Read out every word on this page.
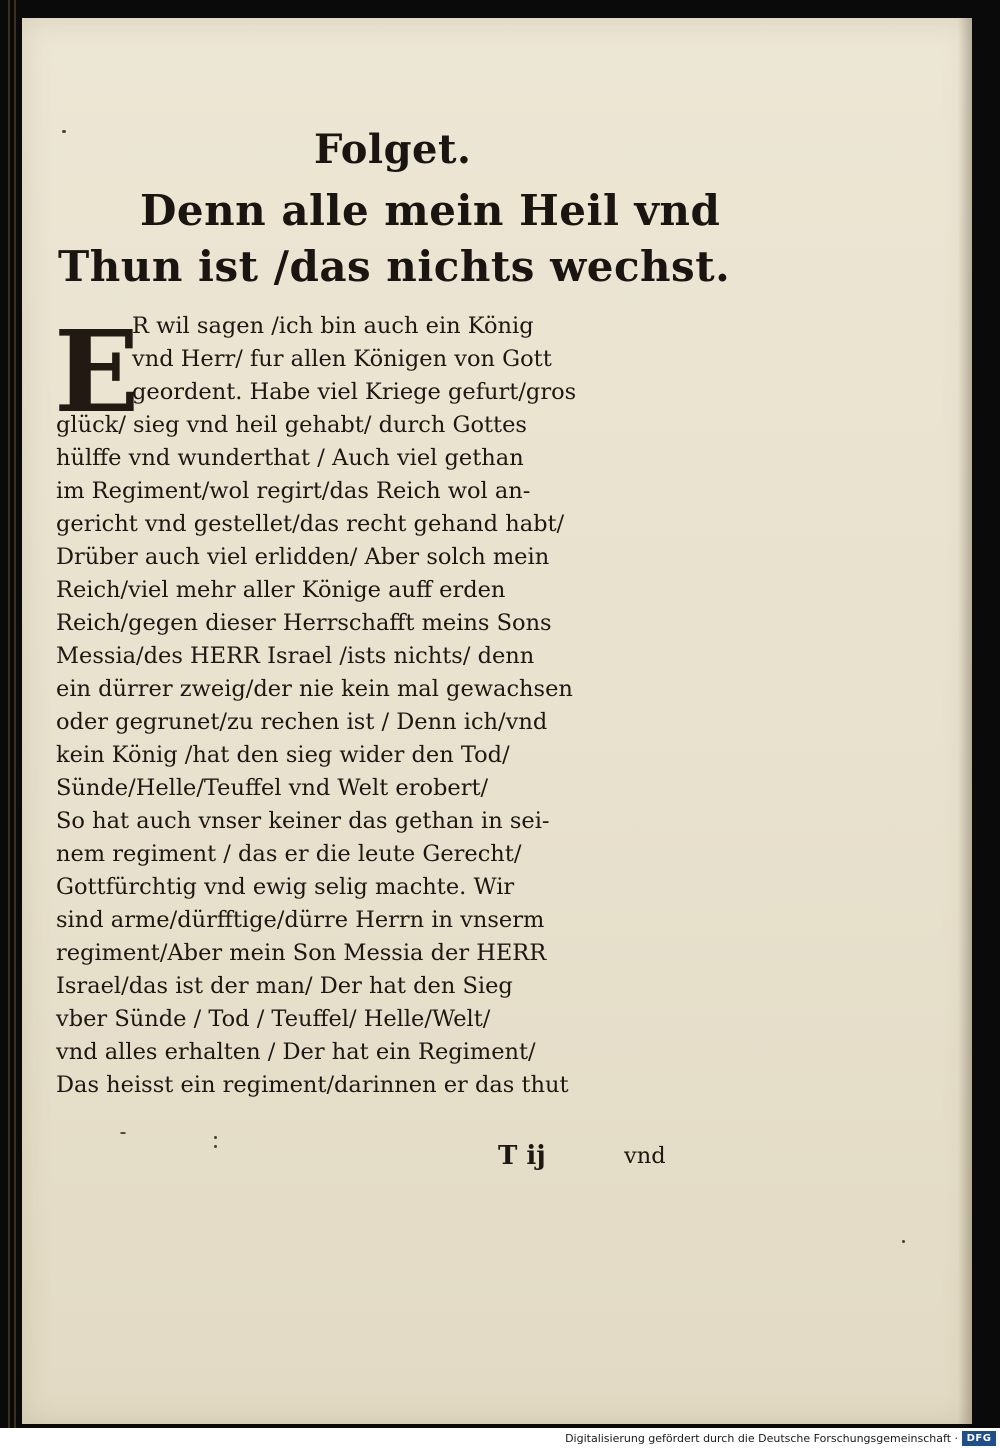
Folget.
Denn alle mein Heil vnd
Thun ist /das nichts wechst.
E
R wil sagen /ich bin auch ein König
vnd Herr/ fur allen Königen von Gott
geordent. Habe viel Kriege gefurt/gros
glück/ sieg vnd heil gehabt/ durch Gottes
hülffe vnd wunderthat / Auch viel gethan
im Regiment/wol regirt/das Reich wol an-
gericht vnd gestellet/das recht gehand habt/
Drüber auch viel erlidden/ Aber solch mein
Reich/viel mehr aller Könige auff erden
Reich/gegen dieser Herrschafft meins Sons
Messia/des HERR Israel /ists nichts/ denn
ein dürrer zweig/der nie kein mal gewachsen
oder gegrunet/zu rechen ist / Denn ich/vnd
kein König /hat den sieg wider den Tod/
Sünde/Helle/Teuffel vnd Welt erobert/
So hat auch vnser keiner das gethan in sei-
nem regiment / das er die leute Gerecht/
Gottfürchtig vnd ewig selig machte. Wir
sind arme/dürfftige/dürre Herrn in vnserm
regiment/Aber mein Son Messia der HERR
Israel/das ist der man/ Der hat den Sieg
vber Sünde / Tod / Teuffel/ Helle/Welt/
vnd alles erhalten / Der hat ein Regiment/
Das heisst ein regiment/darinnen er das thut
T ij	vnd
Digitalisierung gefördert durch die Deutsche Forschungsgemeinschaft · DFG
